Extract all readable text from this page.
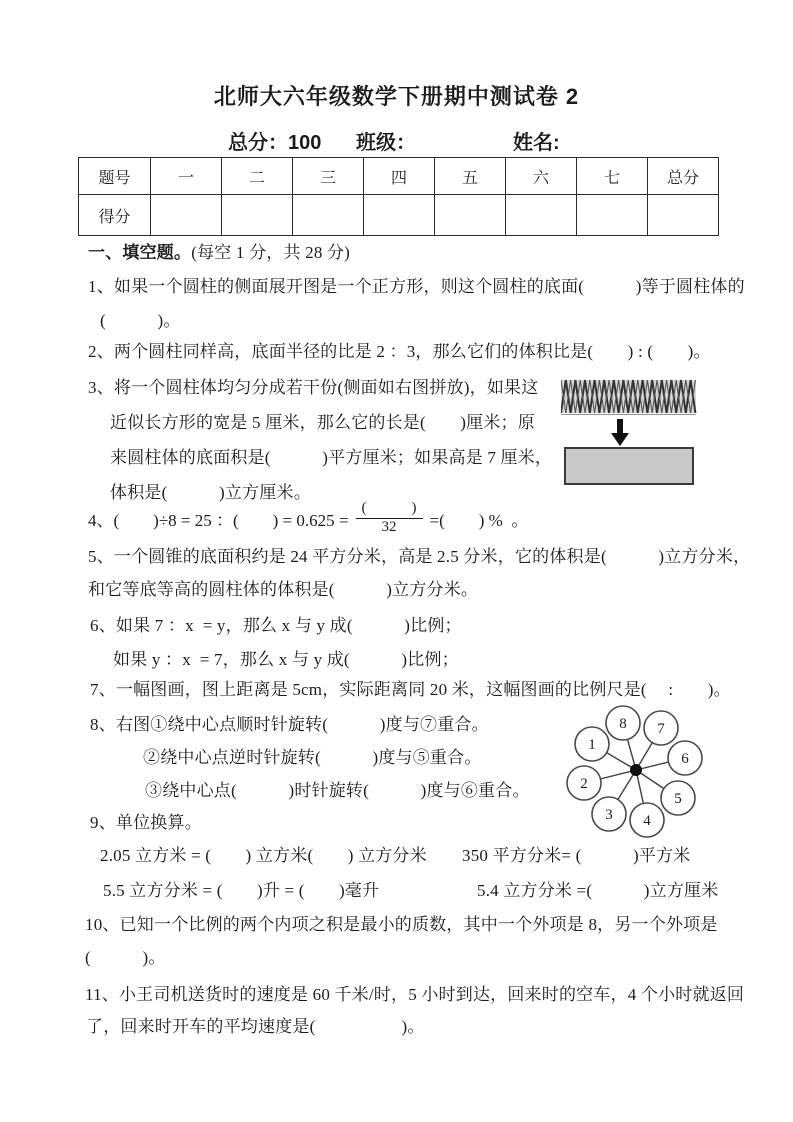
北师大六年级数学下册期中测试卷 2
总分：100 班级：	姓名:
题号	一	二	三	四	五	六	七	总分
得分								
一、填空题。(每空 1 分，共 28 分)
1、如果一个圆柱的侧面展开图是一个正方形，则这个圆柱的底面(　　　)等于圆柱体的
(　　　)。
2、两个圆柱同样高，底面半径的比是 2 ：3，那么它们的体积比是(　　) : (　　)。
3、将一个圆柱体均匀分成若干份(侧面如右图拼放)，如果这
近似长方形的宽是 5 厘米，那么它的长是(　　)厘米；原
来圆柱体的底面积是(　　　)平方厘米；如果高是 7 厘米，
体积是(　　　)立方厘米。
4、(　　)÷8 = 25 ：(　　) = $0.625 = \frac{( )}{32}$ =(　　) %  。
5、一个圆锥的底面积约是 24 平方分米，高是 2.5 分米，它的体积是(　　　)立方分米，
和它等底等高的圆柱体的体积是(　　　)立方分米。
6、如果 7 ：x  = y，那么 x 与 y 成(　　　)比例；
如果 y ：x  = 7，那么 x 与 y 成(　　　)比例；
7、一幅图画，图上距离是 5cm，实际距离同 20 米，这幅图画的比例尺是(　 :　　)。
8、右图①绕中心点顺时针旋转(　　　)度与⑦重合。
②绕中心点逆时针旋转(　　　)度与⑤重合。
③绕中心点(　　　)时针旋转(　　　)度与⑥重合。
1
2
3 4
5
6
7
8
9、单位换算。
2.05 立方米 = (　　) 立方米(　　) 立方分米 350 平方分米= (　　　)平方米
5.5 立方分米 = (　　)升 = (　　)毫升	5.4 立方分米 =(　　　)立方厘米
10、已知一个比例的两个内项之积是最小的质数，其中一个外项是 8，另一个外项是
(　　　)。
11、小王司机送货时的速度是 60 千米/时，5 小时到达，回来时的空车，4 个小时就返回
了，回来时开车的平均速度是(　　　　　)。
